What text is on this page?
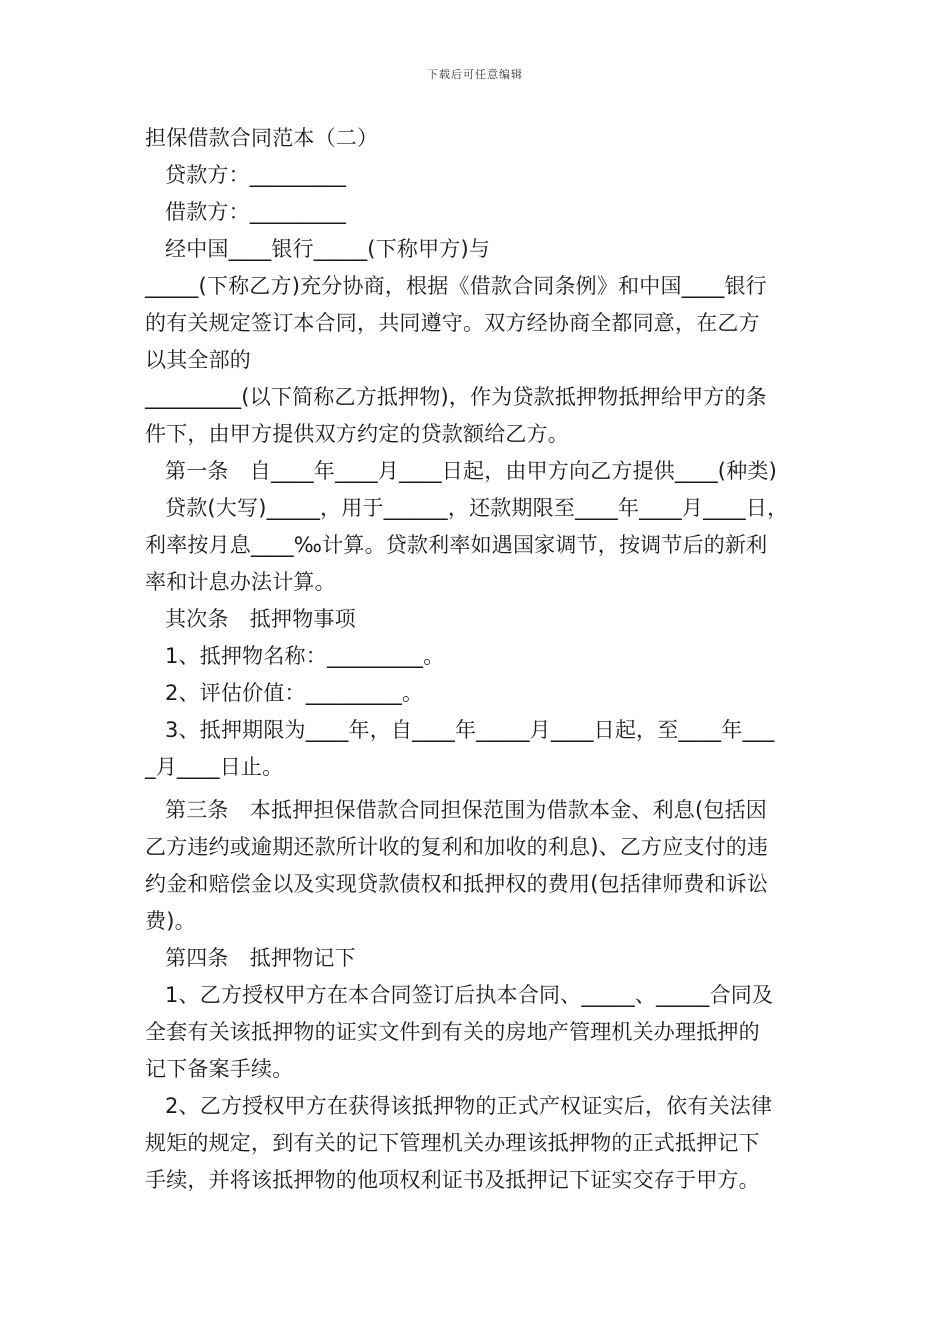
下载后可任意编辑
担保借款合同范本（二）
贷款方：_________
借款方：_________
经中国____银行_____(下称甲方)与
_____(下称乙方)充分协商，根据《借款合同条例》和中国____银行
的有关规定签订本合同，共同遵守。双方经协商全都同意，在乙方
以其全部的
_________(以下简称乙方抵押物)，作为贷款抵押物抵押给甲方的条
件下，由甲方提供双方约定的贷款额给乙方。
第一条　自____年____月____日起，由甲方向乙方提供____(种类)
贷款(大写)_____，用于______，还款期限至____年____月____日，
利率按月息____‰计算。贷款利率如遇国家调节，按调节后的新利
率和计息办法计算。
其次条　抵押物事项
1、抵押物名称：_________。
2、评估价值：_________。
3、抵押期限为____年，自____年_____月____日起，至____年___
_月____日止。
第三条　本抵押担保借款合同担保范围为借款本金、利息(包括因
乙方违约或逾期还款所计收的复利和加收的利息)、乙方应支付的违
约金和赔偿金以及实现贷款债权和抵押权的费用(包括律师费和诉讼
费)。
第四条　抵押物记下
1、乙方授权甲方在本合同签订后执本合同、_____、_____合同及
全套有关该抵押物的证实文件到有关的房地产管理机关办理抵押的
记下备案手续。
2、乙方授权甲方在获得该抵押物的正式产权证实后，依有关法律
规矩的规定，到有关的记下管理机关办理该抵押物的正式抵押记下
手续，并将该抵押物的他项权利证书及抵押记下证实交存于甲方。
